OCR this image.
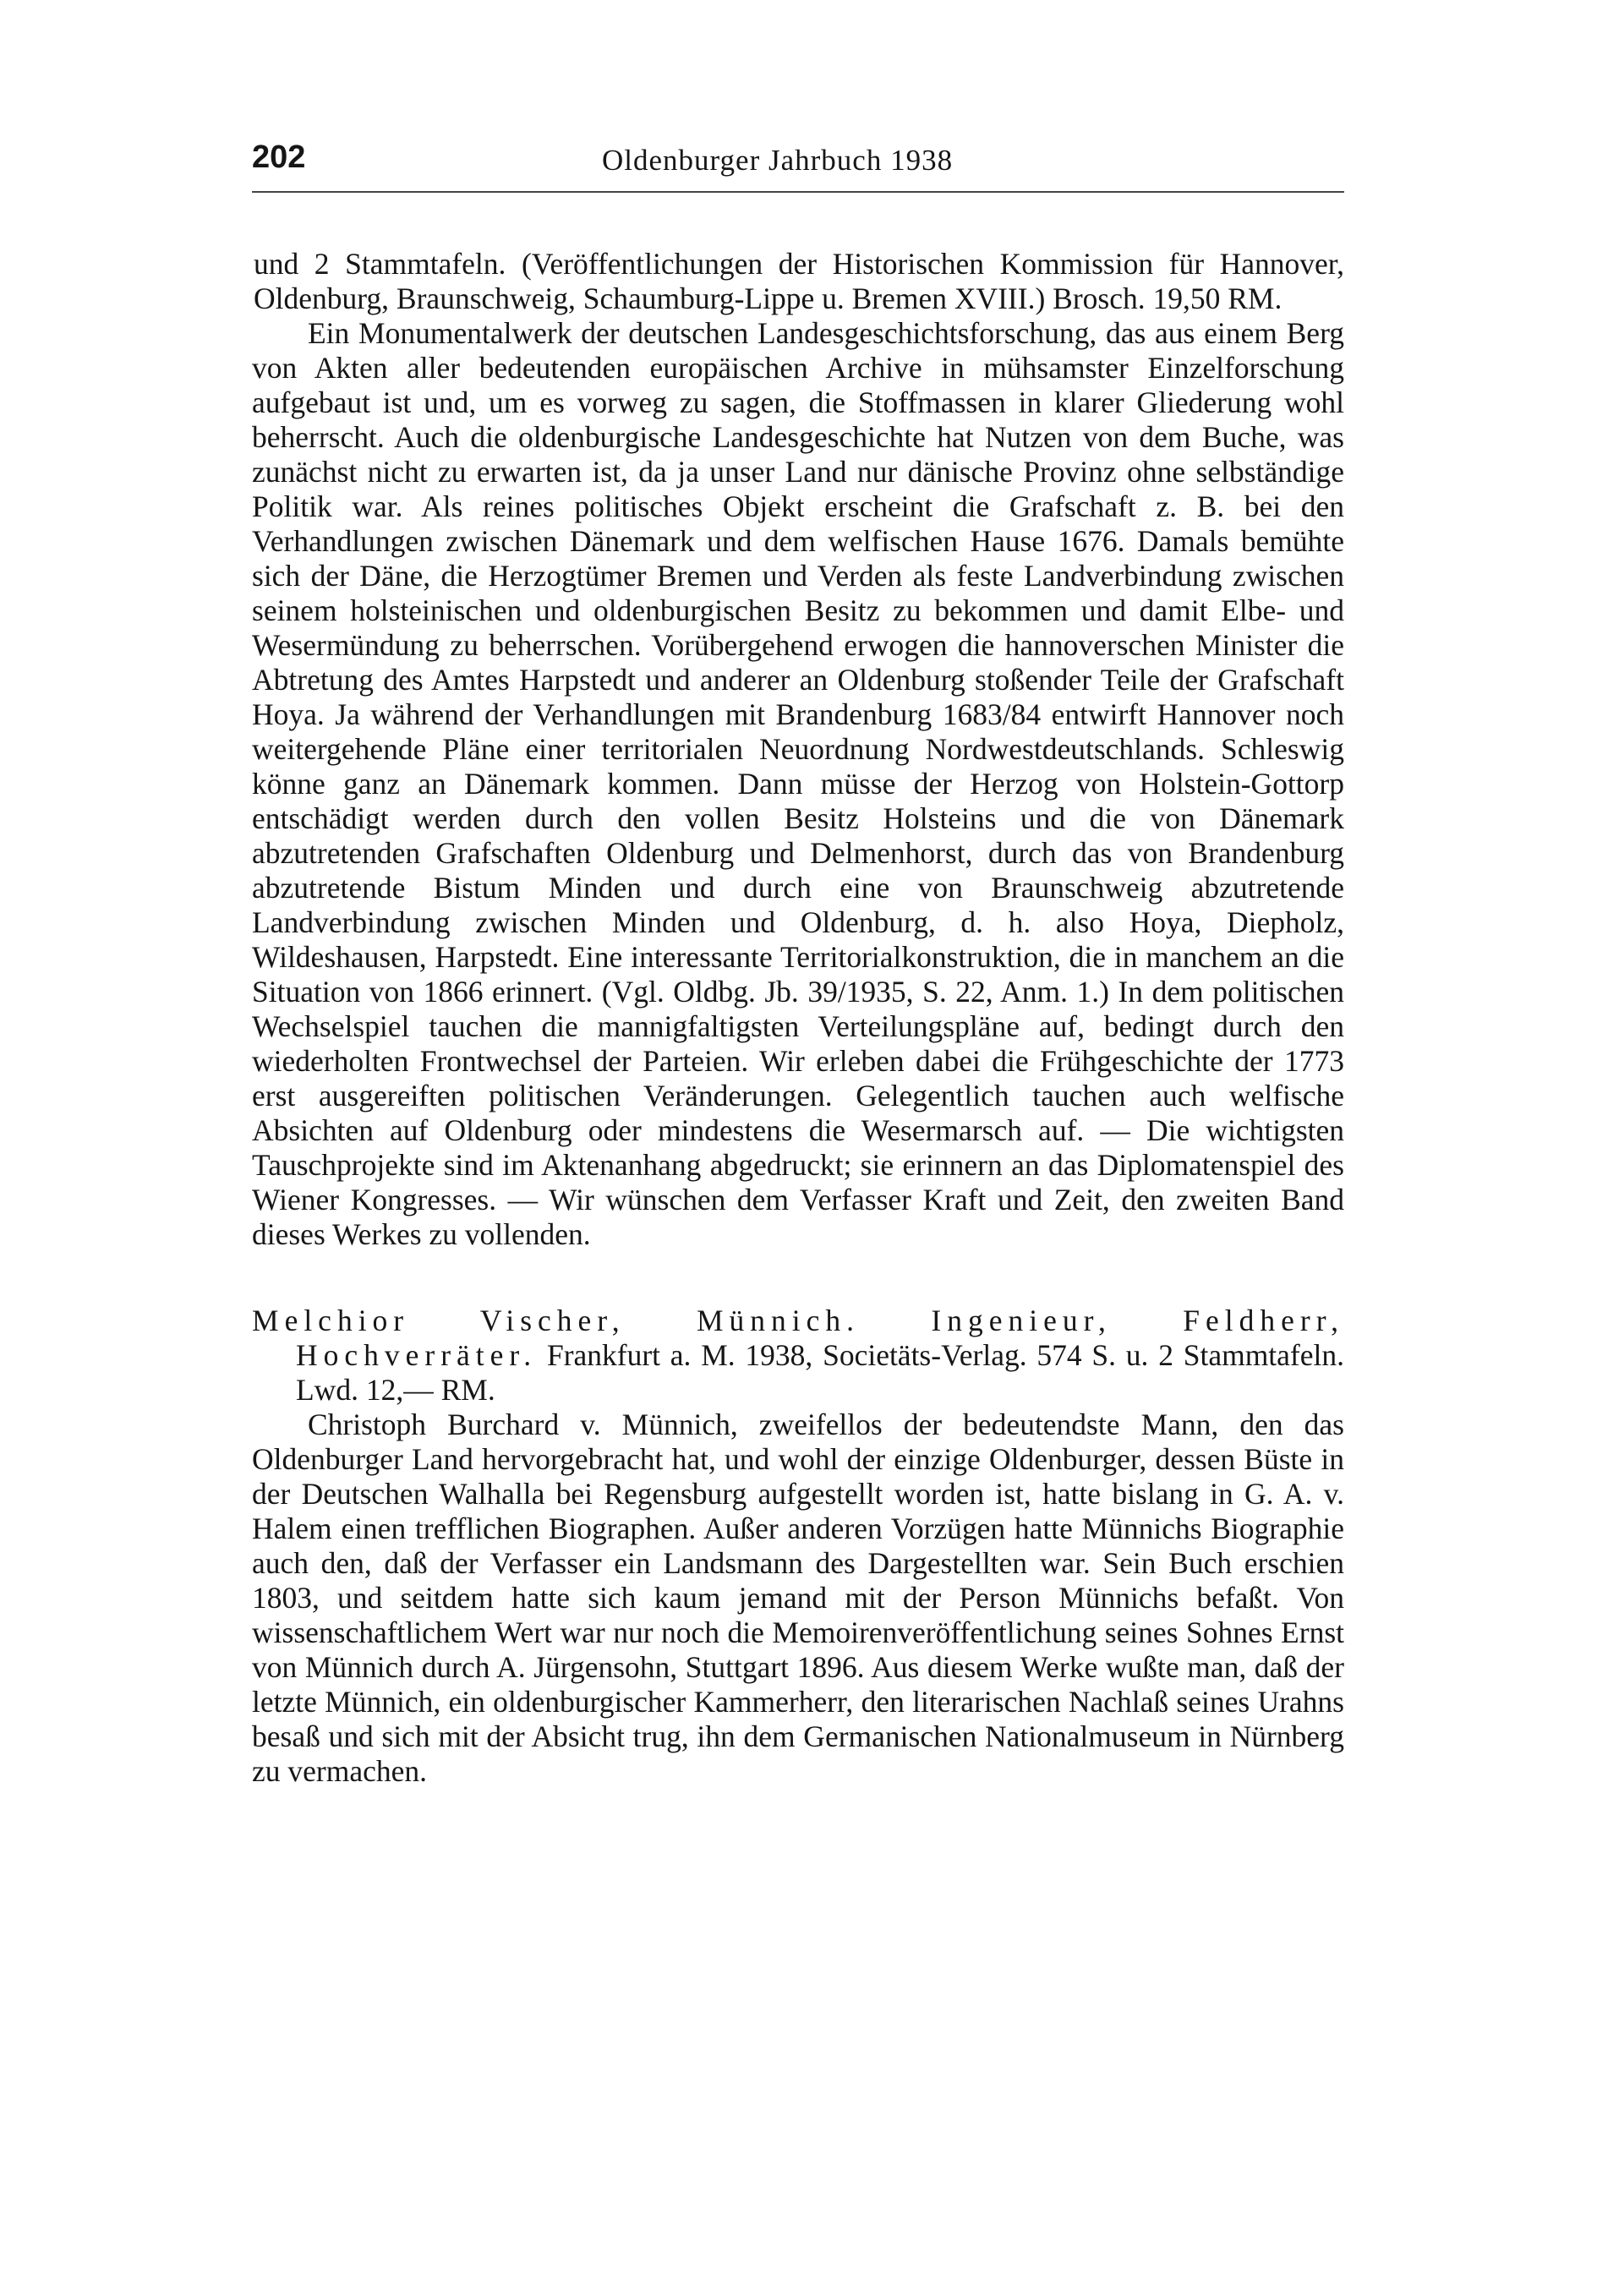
202	Oldenburger Jahrbuch 1938

und 2 Stammtafeln. (Veröffentlichungen der Historischen Kommission für Hannover, Oldenburg, Braunschweig, Schaumburg-Lippe u. Bremen XVIII.) Brosch. 19,50 RM.

Ein Monumentalwerk der deutschen Landesgeschichtsforschung, das aus einem Berg von Akten aller bedeutenden europäischen Archive in mühsamster Einzelforschung aufgebaut ist und, um es vorweg zu sagen, die Stoffmassen in klarer Gliederung wohl beherrscht. Auch die oldenburgische Landesgeschichte hat Nutzen von dem Buche, was zunächst nicht zu erwarten ist, da ja unser Land nur dänische Provinz ohne selbständige Politik war. Als reines politisches Objekt erscheint die Grafschaft z. B. bei den Verhandlungen zwischen Dänemark und dem welfischen Hause 1676. Damals bemühte sich der Däne, die Herzogtümer Bremen und Verden als feste Landverbindung zwischen seinem holsteinischen und oldenburgischen Besitz zu bekommen und damit Elbe- und Wesermündung zu beherrschen. Vorübergehend erwogen die hannoverschen Minister die Abtretung des Amtes Harpstedt und anderer an Oldenburg stoßender Teile der Grafschaft Hoya. Ja während der Verhandlungen mit Brandenburg 1683/84 entwirft Hannover noch weitergehende Pläne einer territorialen Neuordnung Nordwestdeutschlands. Schleswig könne ganz an Dänemark kommen. Dann müsse der Herzog von Holstein-Gottorp entschädigt werden durch den vollen Besitz Holsteins und die von Dänemark abzutretenden Grafschaften Oldenburg und Delmenhorst, durch das von Brandenburg abzutretende Bistum Minden und durch eine von Braunschweig abzutretende Landverbindung zwischen Minden und Oldenburg, d. h. also Hoya, Diepholz, Wildeshausen, Harpstedt. Eine interessante Territorialkonstruktion, die in manchem an die Situation von 1866 erinnert. (Vgl. Oldbg. Jb. 39/1935, S. 22, Anm. 1.) In dem politischen Wechselspiel tauchen die mannigfaltigsten Verteilungspläne auf, bedingt durch den wiederholten Frontwechsel der Parteien. Wir erleben dabei die Frühgeschichte der 1773 erst ausgereiften politischen Veränderungen. Gelegentlich tauchen auch welfische Absichten auf Oldenburg oder mindestens die Wesermarsch auf. — Die wichtigsten Tauschprojekte sind im Aktenanhang abgedruckt; sie erinnern an das Diplomatenspiel des Wiener Kongresses. — Wir wünschen dem Verfasser Kraft und Zeit, den zweiten Band dieses Werkes zu vollenden.

Melchior Vischer, Münnich. Ingenieur, Feldherr, Hochverräter. Frankfurt a. M. 1938, Societäts-Verlag. 574 S. u. 2 Stammtafeln. Lwd. 12,— RM.

Christoph Burchard v. Münnich, zweifellos der bedeutendste Mann, den das Oldenburger Land hervorgebracht hat, und wohl der einzige Oldenburger, dessen Büste in der Deutschen Walhalla bei Regensburg aufgestellt worden ist, hatte bislang in G. A. v. Halem einen trefflichen Biographen. Außer anderen Vorzügen hatte Münnichs Biographie auch den, daß der Verfasser ein Landsmann des Dargestellten war. Sein Buch erschien 1803, und seitdem hatte sich kaum jemand mit der Person Münnichs befaßt. Von wissenschaftlichem Wert war nur noch die Memoirenveröffentlichung seines Sohnes Ernst von Münnich durch A. Jürgensohn, Stuttgart 1896. Aus diesem Werke wußte man, daß der letzte Münnich, ein oldenburgischer Kammerherr, den literarischen Nachlaß seines Urahns besaß und sich mit der Absicht trug, ihn dem Germanischen Nationalmuseum in Nürnberg zu vermachen.
